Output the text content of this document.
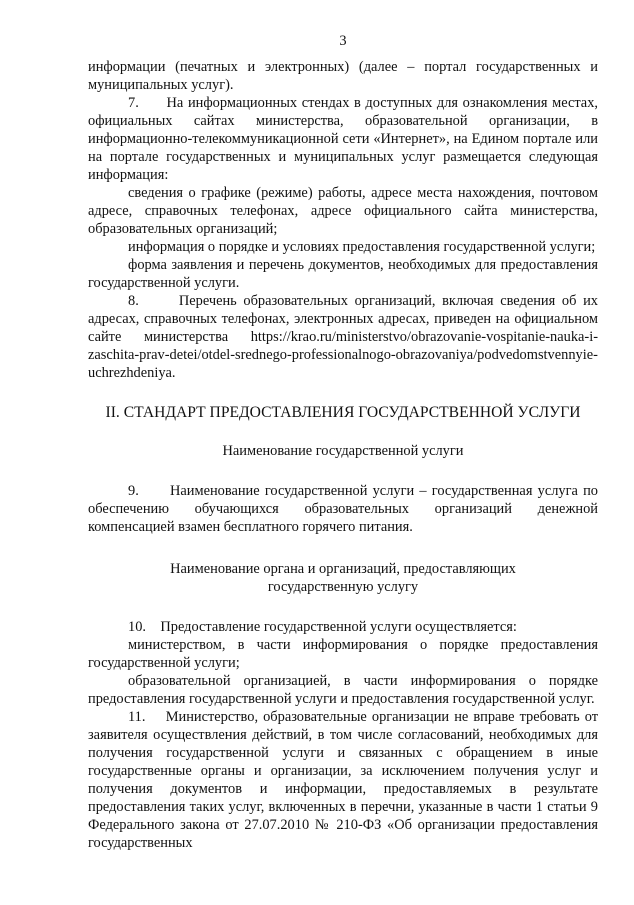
3

информации (печатных и электронных) (далее – портал государственных и муниципальных услуг).

7.      На информационных стендах в доступных для ознакомления местах, официальных сайтах министерства, образовательной организации, в информационно-телекоммуникационной сети «Интернет», на Едином портале или на портале государственных и муниципальных услуг размещается следующая информация:

сведения о графике (режиме) работы, адресе места нахождения, почтовом адресе, справочных телефонах, адресе официального сайта министерства, образовательных организаций;

информация о порядке и условиях предоставления государственной услуги;

форма заявления и перечень документов, необходимых для предоставления государственной услуги.

8.      Перечень образовательных организаций, включая сведения об их адресах, справочных телефонах, электронных адресах, приведен на официальном сайте министерства https://krao.ru/ministerstvo/obrazovanie-vospitanie-nauka-i-zaschita-prav-detei/otdel-srednego-professionalnogo-obrazovaniya/podvedomstvennyie-uchrezhdeniya.

II. СТАНДАРТ ПРЕДОСТАВЛЕНИЯ ГОСУДАРСТВЕННОЙ УСЛУГИ
Наименование государственной услуги

9.      Наименование государственной услуги – государственная услуга по обеспечению обучающихся образовательных организаций денежной компенсацией взамен бесплатного горячего питания.

Наименование органа и организаций, предоставляющих
государственную услугу

10.    Предоставление государственной услуги осуществляется:

министерством, в части информирования о порядке предоставления государственной услуги;

образовательной организацией, в части информирования о порядке предоставления государственной услуги и предоставления государственной услуг.

11.    Министерство, образовательные организации не вправе требовать от заявителя осуществления действий, в том числе согласований, необходимых для получения государственной услуги и связанных с обращением в иные государственные органы и организации, за исключением получения услуг и получения документов и информации, предоставляемых в результате предоставления таких услуг, включенных в перечни, указанные в части 1 статьи 9 Федерального закона от 27.07.2010 № 210-ФЗ «Об организации предоставления государственных
